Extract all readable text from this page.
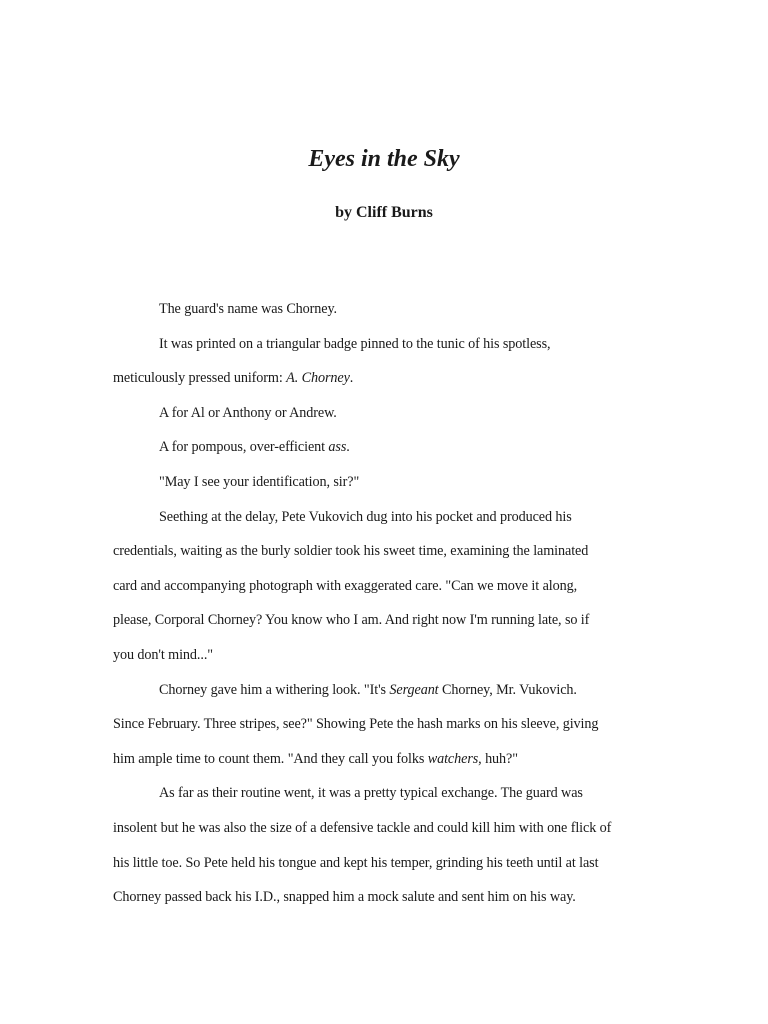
Eyes in the Sky
by Cliff Burns
The guard's name was Chorney.
It was printed on a triangular badge pinned to the tunic of his spotless,
meticulously pressed uniform: A. Chorney.
A for Al or Anthony or Andrew.
A for pompous, over-efficient ass.
"May I see your identification, sir?"
Seething at the delay, Pete Vukovich dug into his pocket and produced his
credentials, waiting as the burly soldier took his sweet time, examining the laminated
card and accompanying photograph with exaggerated care. "Can we move it along,
please, Corporal Chorney? You know who I am. And right now I'm running late, so if
you don't mind..."
Chorney gave him a withering look. "It's Sergeant Chorney, Mr. Vukovich.
Since February. Three stripes, see?" Showing Pete the hash marks on his sleeve, giving
him ample time to count them. "And they call you folks watchers, huh?"
As far as their routine went, it was a pretty typical exchange. The guard was
insolent but he was also the size of a defensive tackle and could kill him with one flick of
his little toe. So Pete held his tongue and kept his temper, grinding his teeth until at last
Chorney passed back his I.D., snapped him a mock salute and sent him on his way.
